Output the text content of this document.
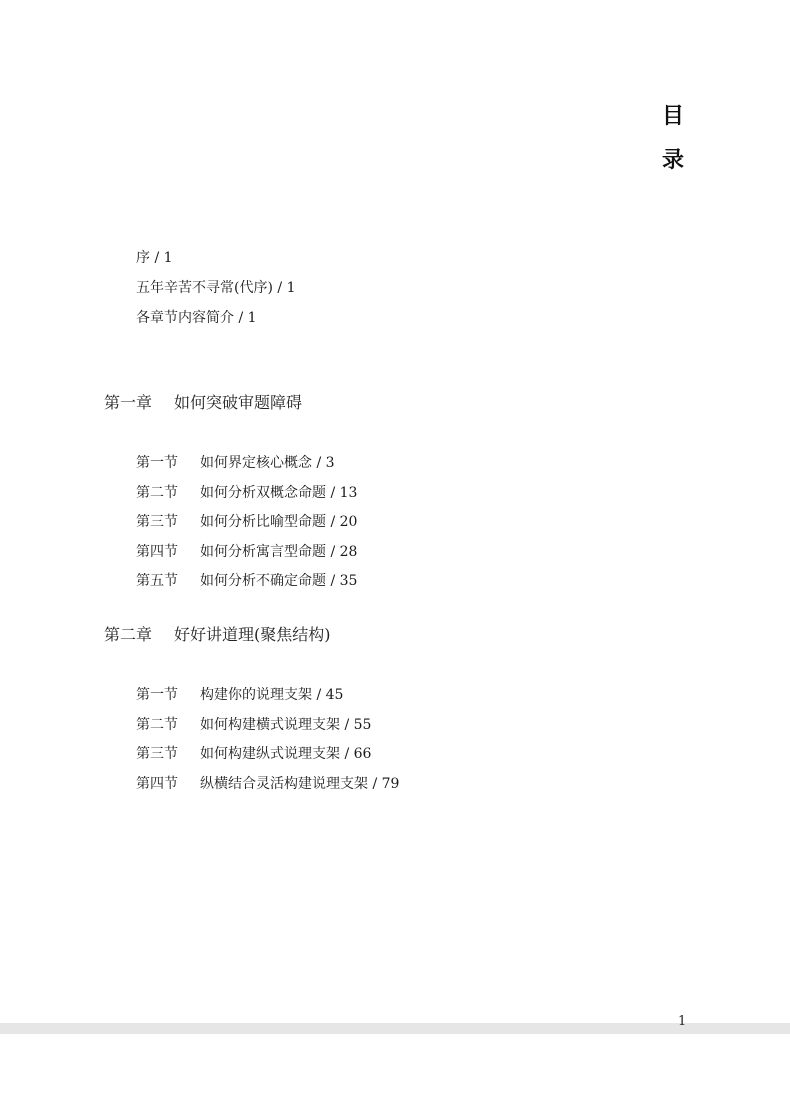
目
录
序 / 1
五年辛苦不寻常(代序) / 1
各章节内容简介 / 1
第一章 如何突破审题障碍
第一节 如何界定核心概念 / 3
第二节 如何分析双概念命题 / 13
第三节 如何分析比喻型命题 / 20
第四节 如何分析寓言型命题 / 28
第五节 如何分析不确定命题 / 35
第二章 好好讲道理(聚焦结构)
第一节 构建你的说理支架 / 45
第二节 如何构建横式说理支架 / 55
第三节 如何构建纵式说理支架 / 66
第四节 纵横结合灵活构建说理支架 / 79
1
